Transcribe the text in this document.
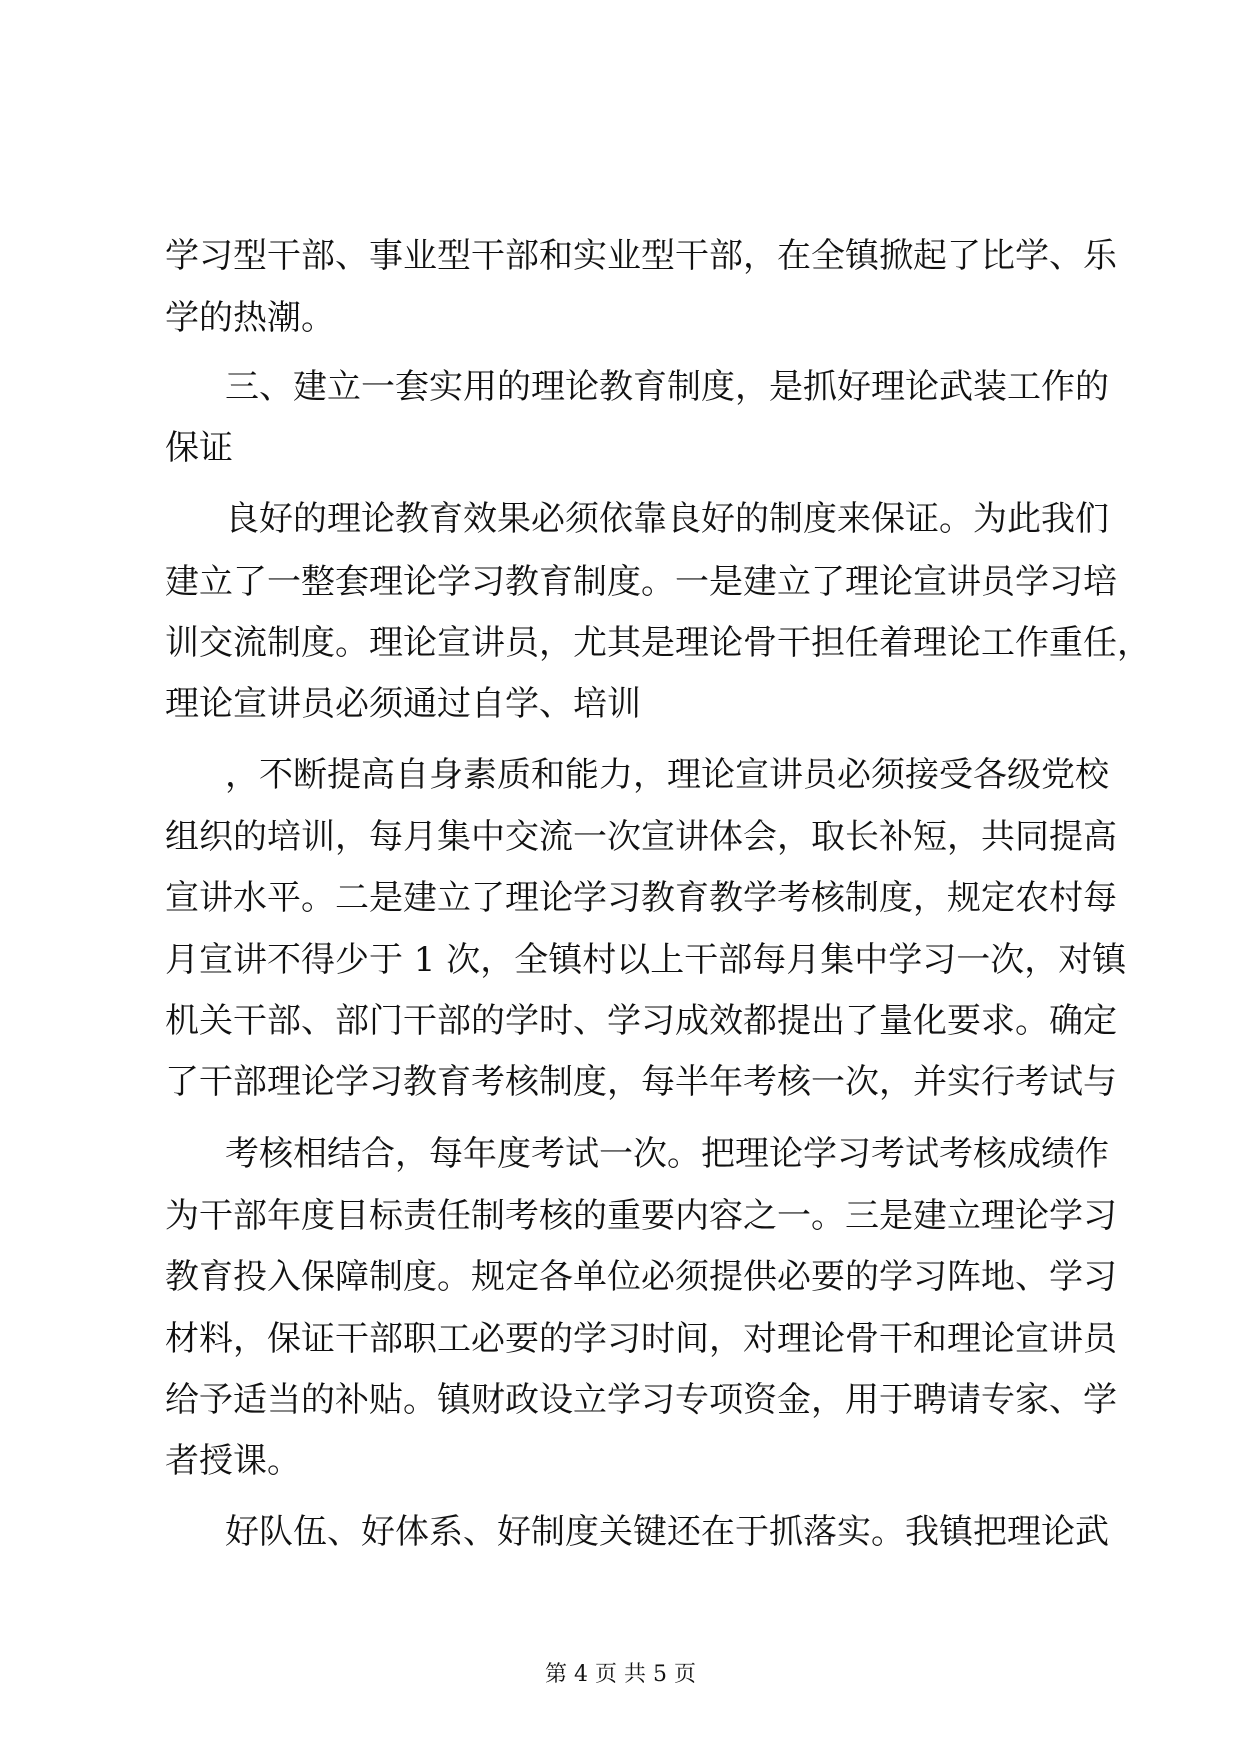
学习型干部、事业型干部和实业型干部，在全镇掀起了比学、乐
学的热潮。
三、建立一套实用的理论教育制度，是抓好理论武装工作的
保证
良好的理论教育效果必须依靠良好的制度来保证。为此我们
建立了一整套理论学习教育制度。一是建立了理论宣讲员学习培
训交流制度。理论宣讲员，尤其是理论骨干担任着理论工作重任，
理论宣讲员必须通过自学、培训
，不断提高自身素质和能力，理论宣讲员必须接受各级党校
组织的培训，每月集中交流一次宣讲体会，取长补短，共同提高
宣讲水平。二是建立了理论学习教育教学考核制度，规定农村每
月宣讲不得少于 1 次，全镇村以上干部每月集中学习一次，对镇
机关干部、部门干部的学时、学习成效都提出了量化要求。确定
了干部理论学习教育考核制度，每半年考核一次，并实行考试与
考核相结合，每年度考试一次。把理论学习考试考核成绩作
为干部年度目标责任制考核的重要内容之一。三是建立理论学习
教育投入保障制度。规定各单位必须提供必要的学习阵地、学习
材料，保证干部职工必要的学习时间，对理论骨干和理论宣讲员
给予适当的补贴。镇财政设立学习专项资金，用于聘请专家、学
者授课。
好队伍、好体系、好制度关键还在于抓落实。我镇把理论武
第 4 页 共 5 页
